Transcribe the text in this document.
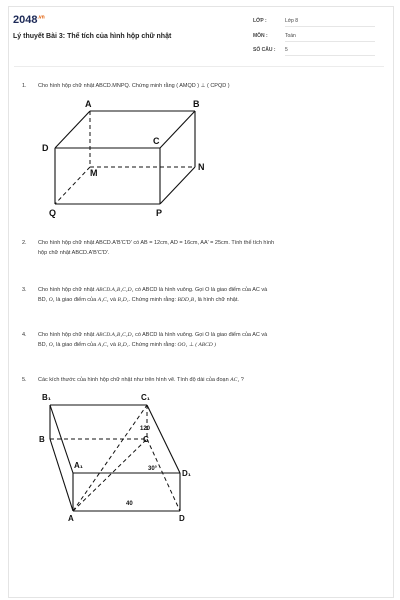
$2048^{.vn}$
Lý thuyết Bài 3: Thể tích của hình hộp chữ nhật
LỚP :	Lớp 8
MÔN :	Toán
SỐ CÂU : 5
1. Cho hình hộp chữ nhật ABCD.MNPQ. Chứng minh rằng ( AMQD ) ⊥ ( CPQD )
A	B
C
D
M
N
P
Q
2. Cho hình hộp chữ nhật ABCD.A'B'C'D' có AB = 12cm, AD = 16cm, AA' = 25cm. Tính thể tích hình
hộp chữ nhật ABCD.A'B'C'D'.
3. Cho hình hộp chữ nhật ABCD.A₁B₁C₁D₁ có ABCD là hình vuông. Gọi O là giao điểm của AC và
BD, O₁ là giao điểm của A₁C₁ và B₁D₁. Chứng minh rằng: BDD₁B₁ là hình chữ nhật.
4. Cho hình hộp chữ nhật ABCD.A₁B₁C₁D₁ có ABCD là hình vuông. Gọi O là giao điểm của AC và
BD, O₁ là giao điểm của A₁C₁ và B₁D₁. Chứng minh rằng: OO₁ ⊥ ( ABCD )
5. Các kích thước của hình hộp chữ nhật như trên hình vẽ. Tính độ dài của đoạn AC₁ ?
B₁	C₁
B	C
A₁
D₁
A	D
120
30°
40
